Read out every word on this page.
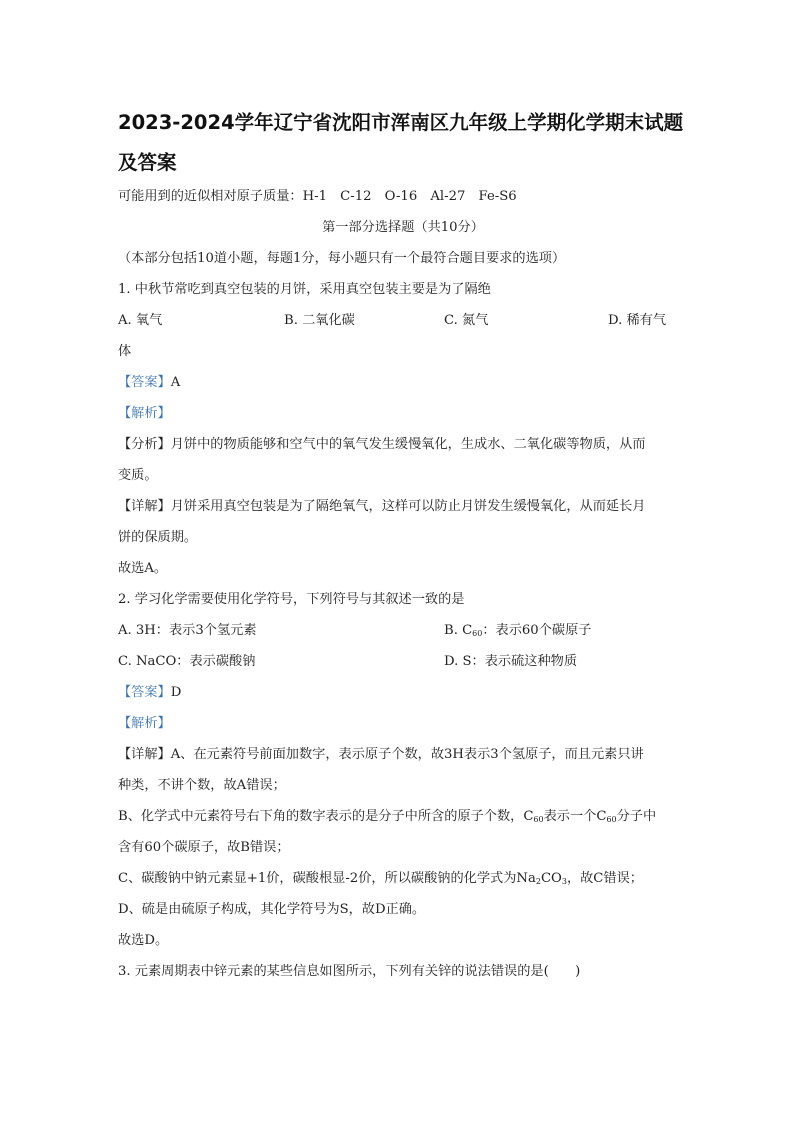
2023-2024学年辽宁省沈阳市浑南区九年级上学期化学期末试题及答案
可能用到的近似相对原子质量：H-1　C-12　O-16　Al-27　Fe-S6
第一部分选择题（共10分）
（本部分包括10道小题，每题1分，每小题只有一个最符合题目要求的选项）
1. 中秋节常吃到真空包装的月饼，采用真空包装主要是为了隔绝
A. 氧气	B. 二氧化碳	C. 氮气	D. 稀有气
体
【答案】A
【解析】
【分析】月饼中的物质能够和空气中的氧气发生缓慢氧化，生成水、二氧化碳等物质，从而
变质。
【详解】月饼采用真空包装是为了隔绝氧气，这样可以防止月饼发生缓慢氧化，从而延长月
饼的保质期。
故选A。
2. 学习化学需要使用化学符号，下列符号与其叙述一致的是
A. 3H：表示3个氢元素	B. $C_{60}$：表示60个碳原子
C. NaCO：表示碳酸钠	D. S：表示硫这种物质
【答案】D
【解析】
【详解】A、在元素符号前面加数字，表示原子个数，故3H表示3个氢原子，而且元素只讲
种类，不讲个数，故A错误；
B、化学式中元素符号右下角的数字表示的是分子中所含的原子个数，$C_{60}$表示一个$C_{60}$分子中
含有60个碳原子，故B错误；
C、碳酸钠中钠元素显+1价，碳酸根显-2价，所以碳酸钠的化学式为$Na_2CO_3$，故C错误；
D、硫是由硫原子构成，其化学符号为S，故D正确。
故选D。
3. 元素周期表中锌元素的某些信息如图所示，下列有关锌的说法错误的是(　　)
